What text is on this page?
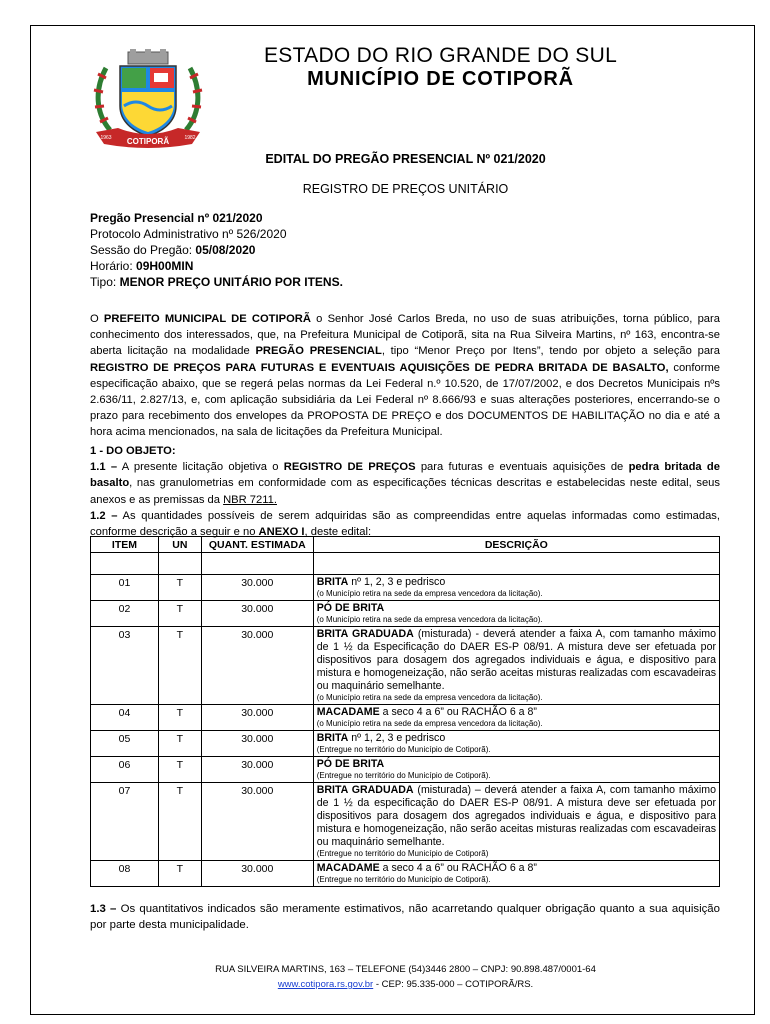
COTIPORÃ
1963	1982
ESTADO DO RIO GRANDE DO SUL
MUNICÍPIO DE COTIPORÃ
EDITAL DO PREGÃO PRESENCIAL Nº 021/2020
REGISTRO DE PREÇOS UNITÁRIO
Pregão Presencial nº 021/2020
Protocolo Administrativo nº 526/2020
Sessão do Pregão: 05/08/2020
Horário: 09H00MIN
Tipo: MENOR PREÇO UNITÁRIO POR ITENS.
O PREFEITO MUNICIPAL DE COTIPORÃ o Senhor José Carlos Breda, no uso de suas atribuições, torna público, para conhecimento dos interessados, que, na Prefeitura Municipal de Cotiporã, sita na Rua Silveira Martins, nº 163, encontra-se aberta licitação na modalidade PREGÃO PRESENCIAL, tipo “Menor Preço por Itens”, tendo por objeto a seleção para REGISTRO DE PREÇOS PARA FUTURAS E EVENTUAIS AQUISIÇÕES DE PEDRA BRITADA DE BASALTO, conforme especificação abaixo, que se regerá pelas normas da Lei Federal n.º 10.520, de 17/07/2002, e dos Decretos Municipais nºs 2.636/11, 2.827/13, e, com aplicação subsidiária da Lei Federal nº 8.666/93 e suas alterações posteriores, encerrando-se o prazo para recebimento dos envelopes da PROPOSTA DE PREÇO e dos DOCUMENTOS DE HABILITAÇÃO no dia e até a hora acima mencionados, na sala de licitações da Prefeitura Municipal.
1 - DO OBJETO:
1.1 – A presente licitação objetiva o REGISTRO DE PREÇOS para futuras e eventuais aquisições de pedra britada de basalto, nas granulometrias em conformidade com as especificações técnicas descritas e estabelecidas neste edital, seus anexos e as premissas da NBR 7211.
1.2 – As quantidades possíveis de serem adquiridas são as compreendidas entre aquelas informadas como estimadas, conforme descrição a seguir e no ANEXO I, deste edital:
ITEM	UN	QUANT. ESTIMADA	DESCRIÇÃO

01	T	30.000	BRITA nº 1, 2, 3 e pedrisco
(o Município retira na sede da empresa vencedora da licitação).

02	T	30.000	PÓ DE BRITA
(o Município retira na sede da empresa vencedora da licitação).

03	T	30.000	BRITA GRADUADA (misturada) - deverá atender a faixa A, com tamanho máximo de 1 ½ da Especificação do DAER ES-P 08/91. A mistura deve ser efetuada por dispositivos para dosagem dos agregados individuais e água, e dispositivo para mistura e homogeneização, não serão aceitas misturas realizadas com escavadeiras ou maquinário semelhante.
(o Município retira na sede da empresa vencedora da licitação).

04	T	30.000	MACADAME a seco 4 a 6” ou RACHÃO 6 a 8”
(o Município retira na sede da empresa vencedora da licitação).

05	T	30.000	BRITA nº 1, 2, 3 e pedrisco
(Entregue no território do Município de Cotiporã).

06	T	30.000	PÓ DE BRITA
(Entregue no território do Município de Cotiporã).

07	T	30.000	BRITA GRADUADA (misturada) – deverá atender a faixa A, com tamanho máximo de 1 ½ da especificação do DAER ES-P 08/91. A mistura deve ser efetuada por dispositivos para dosagem dos agregados individuais e água, e dispositivo para mistura e homogeneização, não serão aceitas misturas realizadas com escavadeiras ou maquinário semelhante.
(Entregue no território do Município de Cotiporã)

08	T	30.000	MACADAME a seco 4 a 6” ou RACHÃO 6 a 8”
(Entregue no território do Município de Cotiporã).
1.3 – Os quantitativos indicados são meramente estimativos, não acarretando qualquer obrigação quanto a sua aquisição por parte desta municipalidade.
RUA SILVEIRA MARTINS, 163 – TELEFONE (54)3446 2800 – CNPJ: 90.898.487/0001-64
www.cotipora.rs.gov.br - CEP: 95.335-000 – COTIPORÃ/RS.
